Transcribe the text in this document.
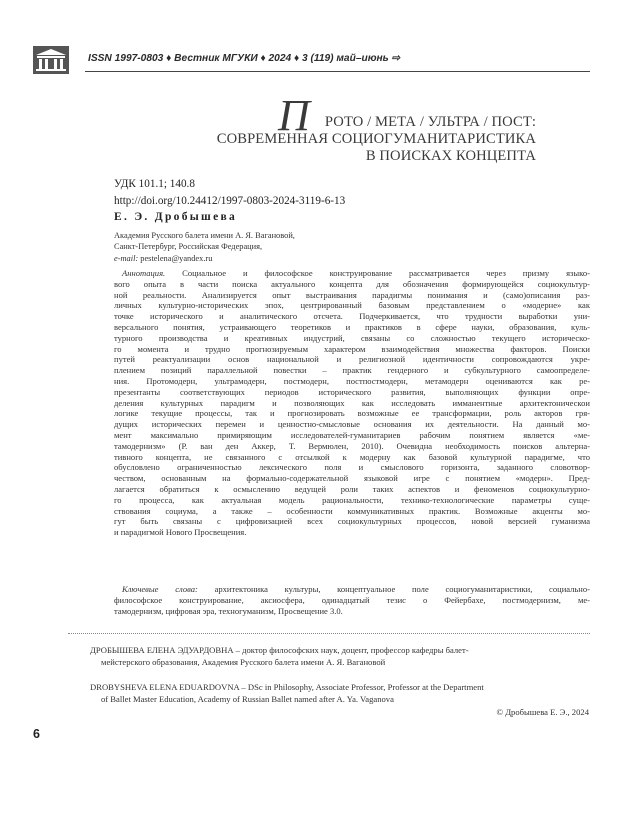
ISSN 1997-0803 ♦ Вестник МГУКИ ♦ 2024 ♦ 3 (119) май–июнь ⇨
П РОТО / МЕТА / УЛЬТРА / ПОСТ:
СОВРЕМЕННАЯ СОЦИОГУМАНИТАРИСТИКА
В ПОИСКАХ КОНЦЕПТА
УДК 101.1; 140.8
http://doi.org/10.24412/1997-0803-2024-3119-6-13
Е. Э. Дробышева
Академия Русского балета имени А. Я. Вагановой,
Санкт-Петербург, Российская Федерация,
e-mail: pestelena@yandex.ru
Аннотация. Социальное и философское конструирование рассматривается через призму языко-
вого опыта в части поиска актуального концепта для обозначения формирующейся социокультур-
ной реальности. Анализируется опыт выстраивания парадигмы понимания и (само)описания раз-
личных культурно-исторических эпох, центрированный базовым представлением о «модерне» как
точке исторического и аналитического отсчета. Подчеркивается, что трудности выработки уни-
версального понятия, устраивающего теоретиков и практиков в сфере науки, образования, куль-
турного производства и креативных индустрий, связаны со сложностью текущего историческо-
го момента и трудно прогнозируемым характером взаимодействия множества факторов. Поиски
путей реактуализации основ национальной и религиозной идентичности сопровождаются укре-
плением позиций параллельной повестки – практик гендерного и субкультурного самоопределе-
ния. Протомодерн, ультрамодерн, постмодерн, постпостмодерн, метамодерн оцениваются как ре-
презентанты соответствующих периодов исторического развития, выполняющих функции опре-
деления культурных парадигм и позволяющих как исследовать имманентные архитектоническои
логике текущие процессы, так и прогнозировать возможные ее трансформации, роль акторов гря-
дущих исторических перемен и ценностно-смысловые основания их деятельности. На данный мо-
мент максимально примиряющим исследователей-гуманитариев рабочим понятием является «ме-
тамодернизм» (Р. ван ден Аккер, Т. Вермюлен, 2010). Очевидна необходимость поисков альтерна-
тивного концепта, не связанного с отсылкой к модерну как базовой культурной парадигме, что
обусловлено ограниченностью лексического поля и смыслового горизонта, заданного словотвор-
чеством, основанным на формально-содержательной языковой игре с понятием «модерн». Пред-
лагается обратиться к осмыслению ведущей роли таких аспектов и феноменов социокультурно-
го процесса, как актуальная модель рациональности, технико-технологические параметры суще-
ствования социума, а также – особенности коммуникативных практик. Возможные акценты мо-
гут быть связаны с цифровизацией всех социокультурных процессов, новой версией гуманизма
и парадигмой Нового Просвещения.
Ключевые слова: архитектоника культуры, концептуальное поле социогуманитаристики, социально-
философское конструирование, аксиосфера, одинадцатый тезис о Фейербахе, постмодернизм, ме-
тамодернизм, цифровая эра, техногуманизм, Просвещение 3.0.
ДРОБЫШЕВА ЕЛЕНА ЭДУАРДОВНА – доктор философских наук, доцент, профессор кафедры балет-
мейстерского образования, Академия Русского балета имени А. Я. Вагановой
DROBYSHEVA ELENA EDUARDOVNA – DSc in Philosophy, Associate Professor, Professor at the Department
of Ballet Master Education, Academy of Russian Ballet named after A. Ya. Vaganova
© Дробышева Е. Э., 2024
6
